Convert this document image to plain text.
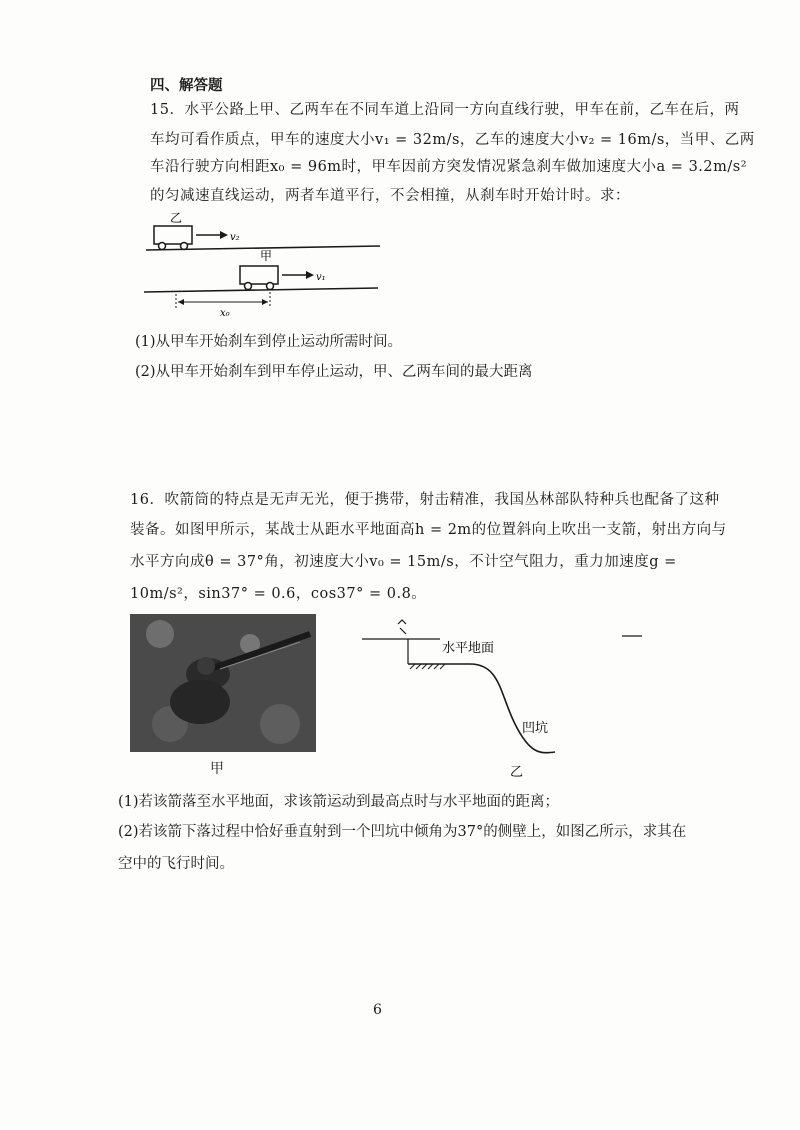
四、解答题
15．水平公路上甲、乙两车在不同车道上沿同一方向直线行驶，甲车在前，乙车在后，两
车均可看作质点，甲车的速度大小v₁ = 32m/s，乙车的速度大小v₂ = 16m/s，当甲、乙两
车沿行驶方向相距x₀ = 96m时，甲车因前方突发情况紧急刹车做加速度大小a = 3.2m/s²
的匀减速直线运动，两者车道平行，不会相撞，从刹车时开始计时。求：
乙
v₂
甲
v₁
x₀
(1)从甲车开始刹车到停止运动所需时间。
(2)从甲车开始刹车到甲车停止运动，甲、乙两车间的最大距离
16．吹箭筒的特点是无声无光，便于携带，射击精准，我国丛林部队特种兵也配备了这种
装备。如图甲所示，某战士从距水平地面高h = 2m的位置斜向上吹出一支箭，射出方向与
水平方向成θ = 37°角，初速度大小v₀ = 15m/s，不计空气阻力，重力加速度g =
10m/s²，sin37° = 0.6，cos37° = 0.8。
甲
水平地面
凹坑
乙
(1)若该箭落至水平地面，求该箭运动到最高点时与水平地面的距离；
(2)若该箭下落过程中恰好垂直射到一个凹坑中倾角为37°的侧壁上，如图乙所示，求其在
空中的飞行时间。
6
